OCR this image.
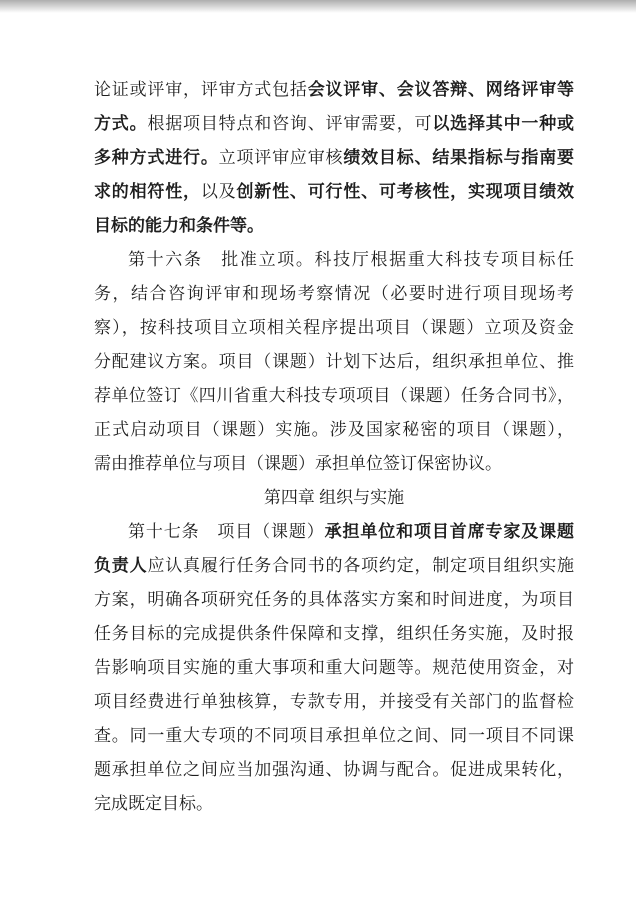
论证或评审，评审方式包括会议评审、会议答辩、网络评审等
方式。根据项目特点和咨询、评审需要，可以选择其中一种或
多种方式进行。立项评审应审核绩效目标、结果指标与指南要
求的相符性，以及创新性、可行性、可考核性，实现项目绩效
目标的能力和条件等。
第十六条　批准立项。科技厅根据重大科技专项目标任
务，结合咨询评审和现场考察情况（必要时进行项目现场考
察），按科技项目立项相关程序提出项目（课题）立项及资金
分配建议方案。项目（课题）计划下达后，组织承担单位、推
荐单位签订《四川省重大科技专项项目（课题）任务合同书》，
正式启动项目（课题）实施。涉及国家秘密的项目（课题），
需由推荐单位与项目（课题）承担单位签订保密协议。
第四章 组织与实施
第十七条　项目（课题）承担单位和项目首席专家及课题
负责人应认真履行任务合同书的各项约定，制定项目组织实施
方案，明确各项研究任务的具体落实方案和时间进度，为项目
任务目标的完成提供条件保障和支撑，组织任务实施，及时报
告影响项目实施的重大事项和重大问题等。规范使用资金，对
项目经费进行单独核算，专款专用，并接受有关部门的监督检
查。同一重大专项的不同项目承担单位之间、同一项目不同课
题承担单位之间应当加强沟通、协调与配合。促进成果转化，
完成既定目标。
